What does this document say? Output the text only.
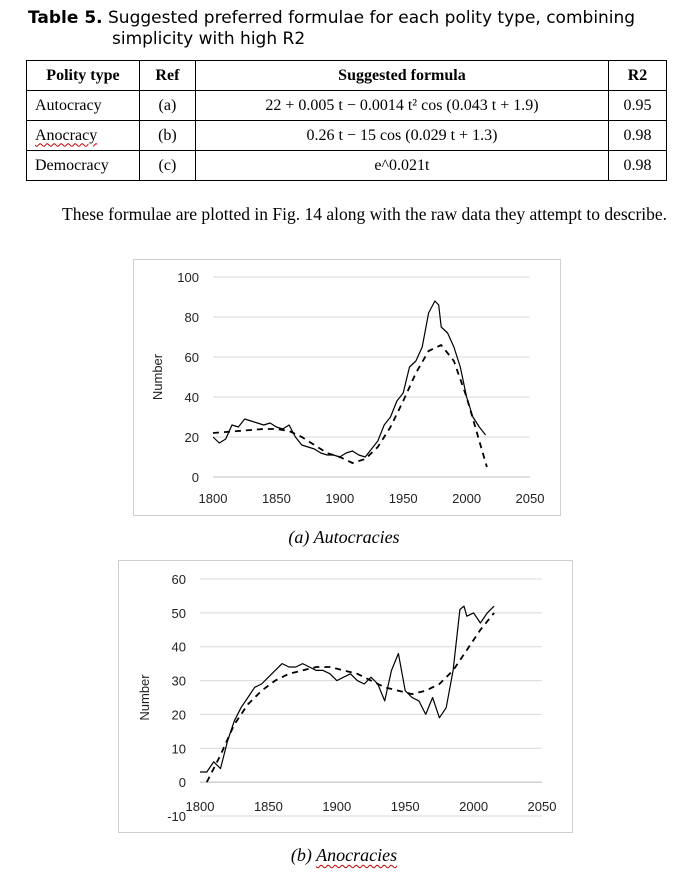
Table 5. Suggested preferred formulae for each polity type, combining
simplicity with high R2
Polity type	Ref	Suggested formula	R2
Autocracy	(a)	22 + 0.005 t − 0.0014 t² cos (0.043 t + 1.9)	0.95
Anocracy	(b)	0.26 t − 15 cos (0.029 t + 1.3)	0.98
Democracy	(c)	e^0.021t	0.98
These formulae are plotted in Fig. 14 along with the raw data they attempt to describe.
0
20
40
60
80
100
1800	1850	1900	1950	2000	2050
Number
(a) Autocracies
-10
0
10
20
30
40
50
60
1800	1850	1900	1950	2000	2050
Number
(b) Anocracies
